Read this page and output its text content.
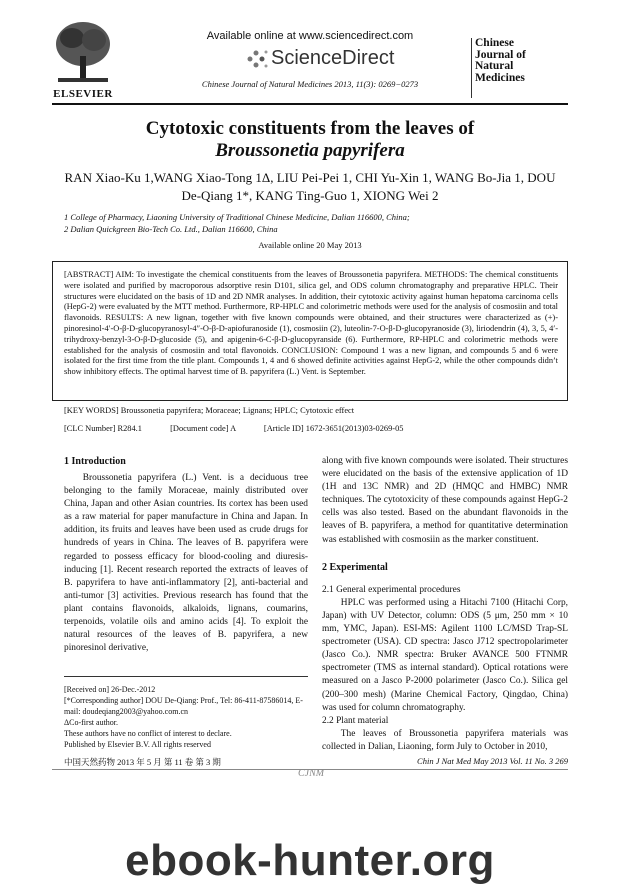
ELSEVIER
Available online at www.sciencedirect.com
ScienceDirect
Chinese Journal of Natural Medicines 2013, 11(3): 0269−0273
Chinese
Journal of
Natural
Medicines
Cytotoxic constituents from the leaves of
Broussonetia papyrifera
RAN Xiao-Ku 1,WANG Xiao-Tong 1Δ, LIU Pei-Pei 1, CHI Yu-Xin 1, WANG Bo-Jia 1, DOU
De-Qiang 1*, KANG Ting-Guo 1, XIONG Wei 2
1 College of Pharmacy, Liaoning University of Traditional Chinese Medicine, Dalian 116600, China;
2 Dalian Quickgreen Bio-Tech Co. Ltd., Dalian 116600, China
Available online 20 May 2013
[ABSTRACT] AIM: To investigate the chemical constituents from the leaves of Broussonetia papyrifera. METHODS: The chemical constituents were isolated and purified by macroporous adsorptive resin D101, silica gel, and ODS column chromatography and preparative HPLC. Their structures were elucidated on the basis of 1D and 2D NMR analyses. In addition, their cytotoxic activity against human hepatoma carcinoma cells (HepG-2) were evaluated by the MTT method. Furthermore, RP-HPLC and colorimetric methods were used for the analysis of cosmosiin and total flavonoids. RESULTS: A new lignan, together with five known compounds were obtained, and their structures were characterized as (+)-pinoresinol-4′-O-β-D-glucopyranosyl-4″-O-β-D-apiofuranoside (1), cosmosiin (2), luteolin-7-O-β-D-glucopyranoside (3), liriodendrin (4), 3, 5, 4′-trihydroxy-benzyl-3-O-β-D-glucoside (5), and apigenin-6-C-β-D-glucopyranside (6). Furthermore, RP-HPLC and colorimetric methods were established for the analysis of cosmosiin and total flavonoids. CONCLUSION: Compound 1 was a new lignan, and compounds 5 and 6 were isolated for the first time from the title plant. Compounds 1, 4 and 6 showed definite activities against HepG-2, while the other compounds didn’t show inhibitory effects. The optimal harvest time of B. papyrifera (L.) Vent. is September.
[KEY WORDS] Broussonetia papyrifera; Moraceae; Lignans; HPLC; Cytotoxic effect
[CLC Number] R284.1	[Document code] A	[Article ID] 1672-3651(2013)03-0269-05
1 Introduction
Broussonetia papyrifera (L.) Vent. is a deciduous tree belonging to the family Moraceae, mainly distributed over China, Japan and other Asian countries. Its cortex has been used as a raw material for paper manufacture in China and Japan. In addition, its fruits and leaves have been used as crude drugs for hundreds of years in China. The leaves of B. papyrifera were regarded to possess efficacy for blood-cooling and diuresis-inducing [1]. Recent research reported the extracts of leaves of B. papyrifera to have anti-inflammatory [2], anti-bacterial and anti-tumor [3] activities. Previous research has found that the plant contains flavonoids, alkaloids, lignans, coumarins, terpenoids, volatile oils and amino acids [4]. To exploit the natural resources of the leaves of B. papyrifera, a new pinoresinol derivative,
[Received on] 26-Dec.-2012
[*Corresponding author] DOU De-Qiang: Prof., Tel: 86-411-87586014, E-mail: doudeqiang2003@yahoo.com.cn
ΔCo-first author.
These authors have no conflict of interest to declare.
Published by Elsevier B.V. All rights reserved
along with five known compounds were isolated. Their structures were elucidated on the basis of the extensive application of 1D (1H and 13C NMR) and 2D (HMQC and HMBC) NMR techniques. The cytotoxicity of these compounds against HepG-2 cells was also tested. Based on the abundant flavonoids in the leaves of B. papyrifera, a method for quantitative determination was established with cosmosiin as the marker constituent.
2 Experimental
2.1 General experimental procedures
HPLC was performed using a Hitachi 7100 (Hitachi Corp, Japan) with UV Detector, column: ODS (5 μm, 250 mm × 10 mm, YMC, Japan). ESI-MS: Agilent 1100 LC/MSD Trap-SL spectrometer (USA). CD spectra: Jasco J712 spectropolarimeter (Jasco Co.). NMR spectra: Bruker AVANCE 500 FTNMR spectrometer (TMS as internal standard). Optical rotations were measured on a Jasco P-2000 polarimeter (Jasco Co.). Silica gel (200–300 mesh) (Marine Chemical Factory, Qingdao, China) was used for column chromatography.
2.2 Plant material
The leaves of Broussonetia papyrifera materials was collected in Dalian, Liaoning, form July to October in 2010,
中国天然药物 2013 年 5 月 第 11 卷 第 3 期	Chin J Nat Med May 2013 Vol. 11 No. 3 269
CJNM
ebook-hunter.org
